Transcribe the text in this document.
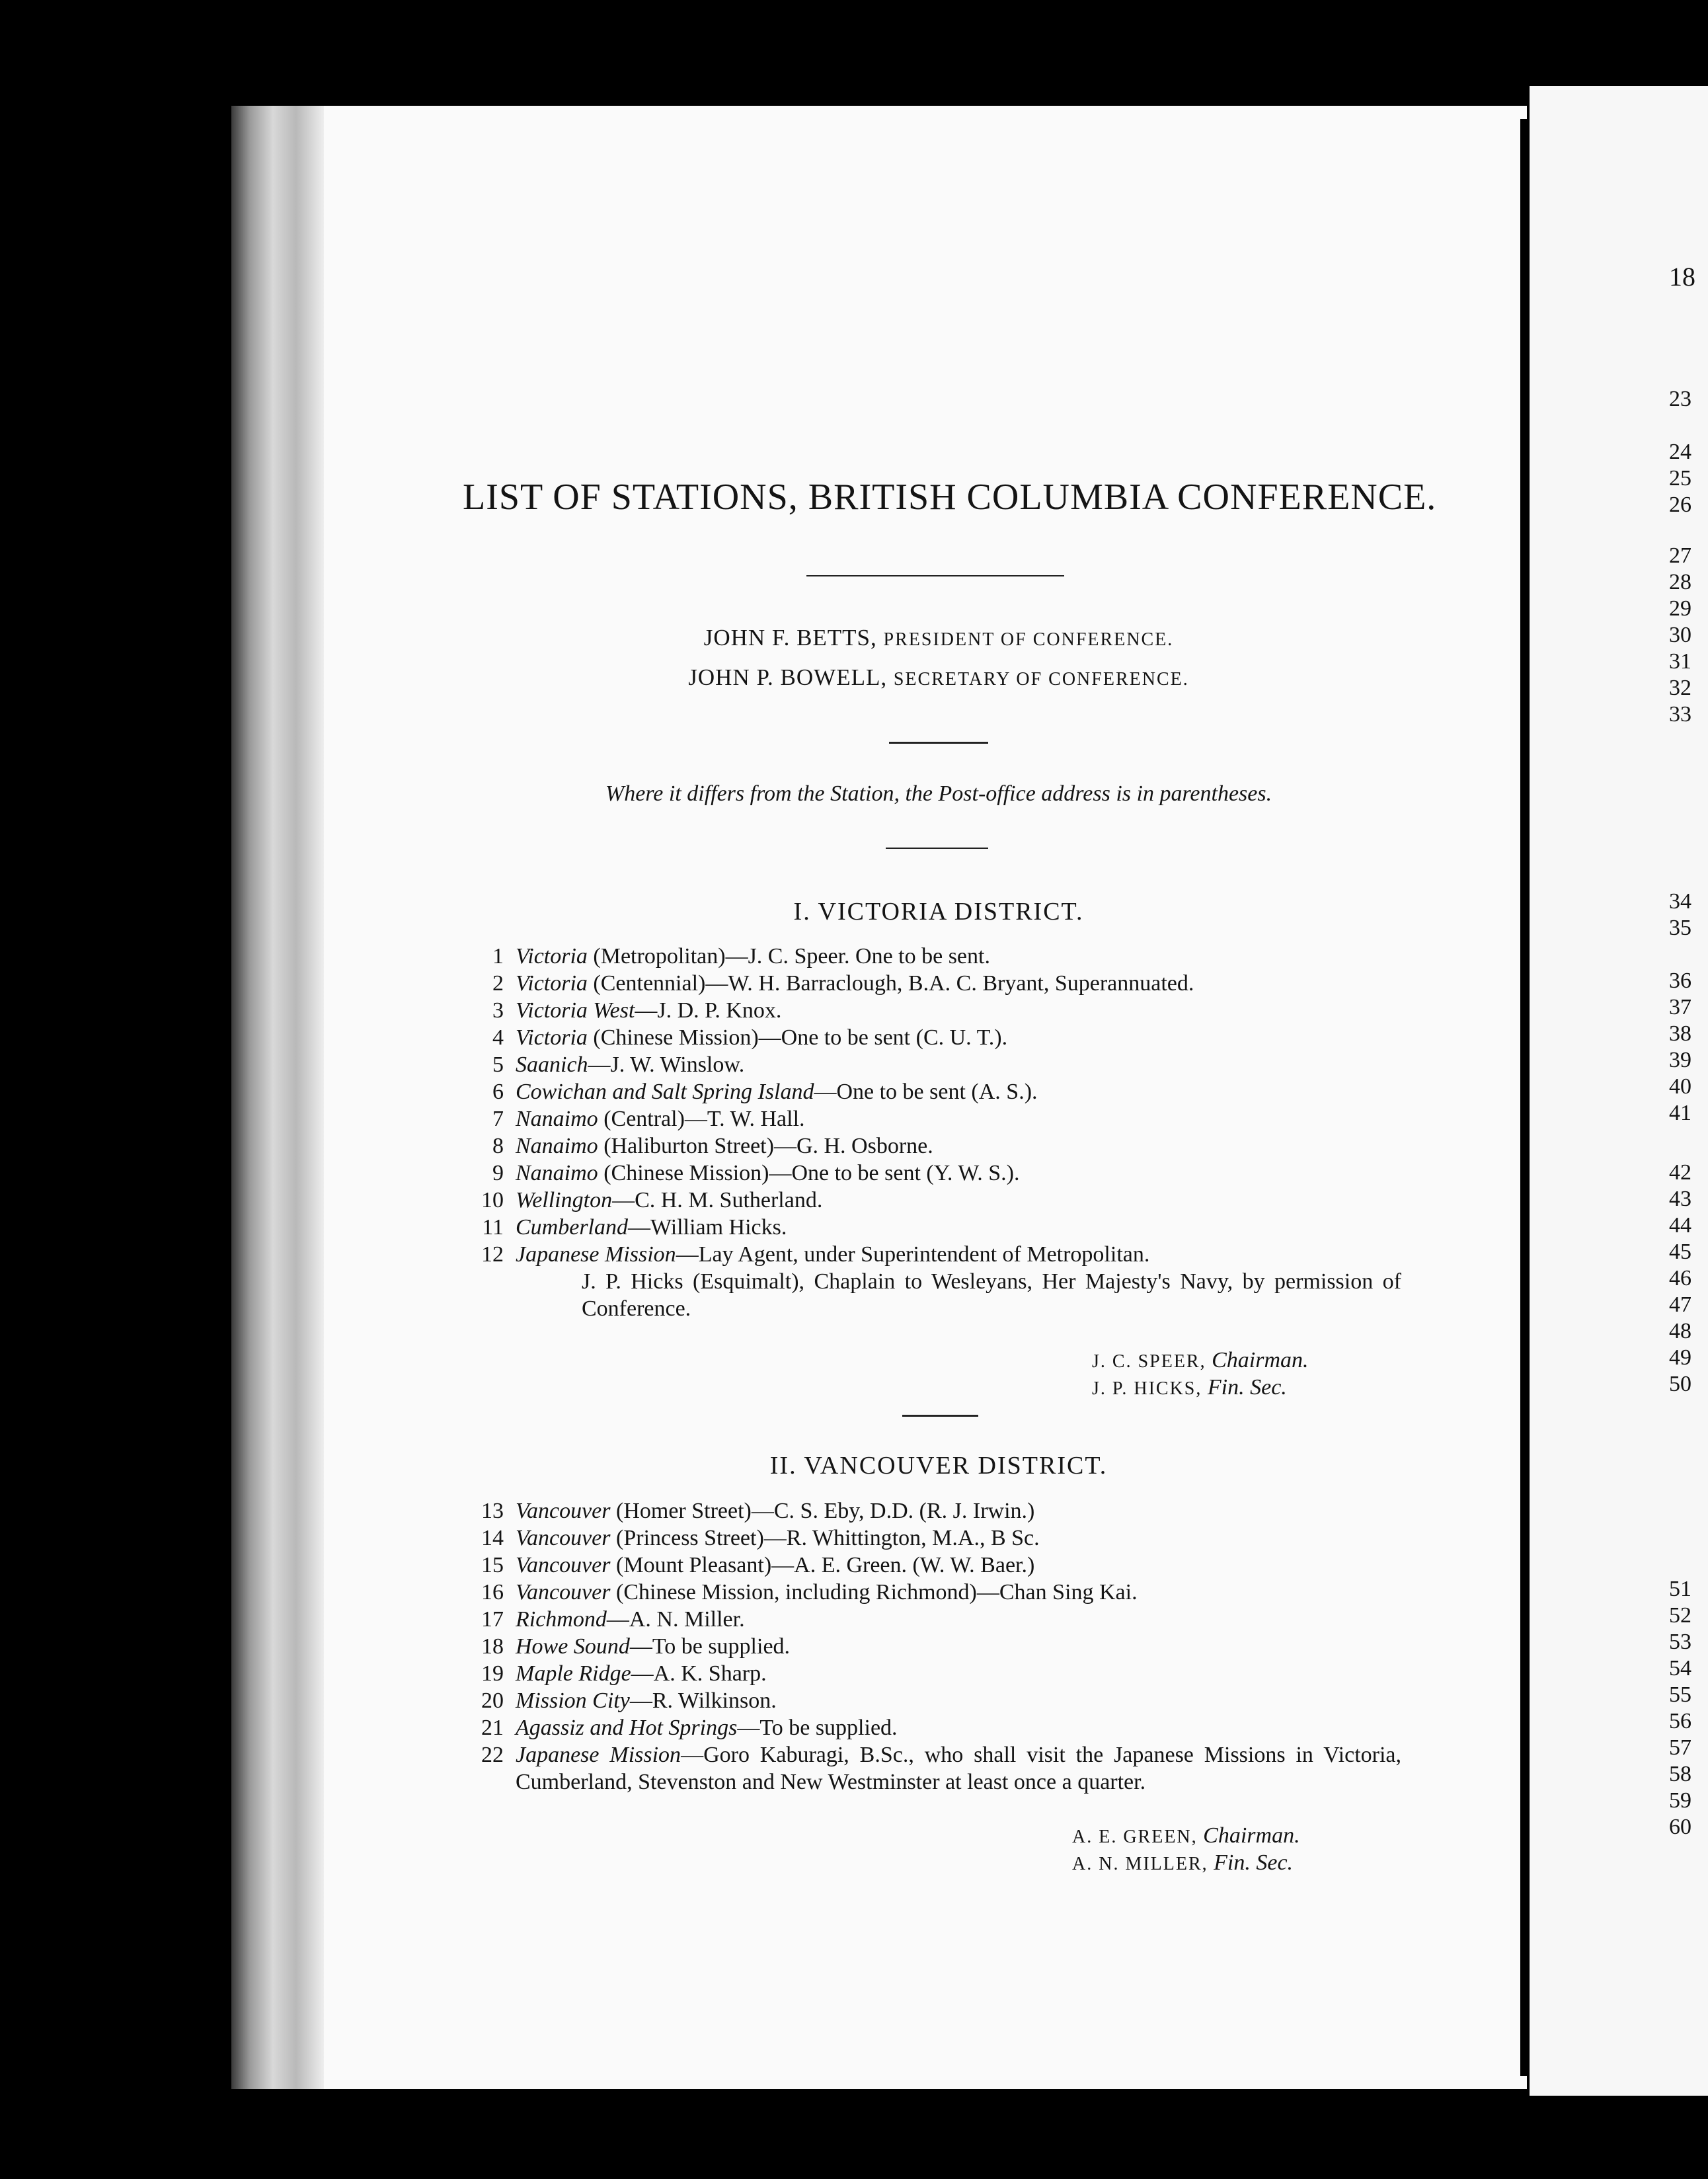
LIST OF STATIONS, BRITISH COLUMBIA CONFERENCE.
JOHN F. BETTS, PRESIDENT OF CONFERENCE.
JOHN P. BOWELL, SECRETARY OF CONFERENCE.
Where it differs from the Station, the Post-office address is in parentheses.
I. VICTORIA DISTRICT.
1 Victoria (Metropolitan)—J. C. Speer. One to be sent.
2 Victoria (Centennial)—W. H. Barraclough, B.A. C. Bryant, Superannuated.
3 Victoria West—J. D. P. Knox.
4 Victoria (Chinese Mission)—One to be sent (C. U. T.).
5 Saanich—J. W. Winslow.
6 Cowichan and Salt Spring Island—One to be sent (A. S.).
7 Nanaimo (Central)—T. W. Hall.
8 Nanaimo (Haliburton Street)—G. H. Osborne.
9 Nanaimo (Chinese Mission)—One to be sent (Y. W. S.).
10 Wellington—C. H. M. Sutherland.
11 Cumberland—William Hicks.
12 Japanese Mission—Lay Agent, under Superintendent of Metropolitan.
J. P. Hicks (Esquimalt), Chaplain to Wesleyans, Her Majesty's Navy, by permission of Conference.
J. C. SPEER, Chairman.
J. P. HICKS, Fin. Sec.
II. VANCOUVER DISTRICT.
13 Vancouver (Homer Street)—C. S. Eby, D.D. (R. J. Irwin.)
14 Vancouver (Princess Street)—R. Whittington, M.A., B Sc.
15 Vancouver (Mount Pleasant)—A. E. Green. (W. W. Baer.)
16 Vancouver (Chinese Mission, including Richmond)—Chan Sing Kai.
17 Richmond—A. N. Miller.
18 Howe Sound—To be supplied.
19 Maple Ridge—A. K. Sharp.
20 Mission City—R. Wilkinson.
21 Agassiz and Hot Springs—To be supplied.
22 Japanese Mission—Goro Kaburagi, B.Sc., who shall visit the Japanese Missions in Victoria, Cumberland, Stevenston and New Westminster at least once a quarter.
A. E. GREEN, Chairman.
A. N. MILLER, Fin. Sec.
18
23
24
25
26
27
28
29
30
31
32
33
34
35
36
37
38
39
40
41
42
43
44
45
46
47
48
49
50
51
52
53
54
55
56
57
58
59
60
